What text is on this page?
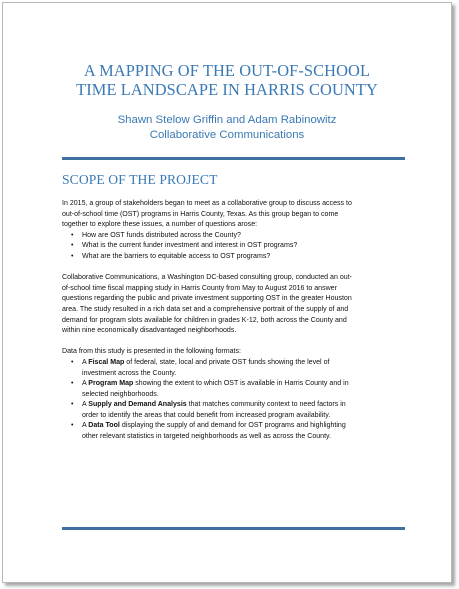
A MAPPING OF THE OUT-OF-SCHOOL
TIME LANDSCAPE IN HARRIS COUNTY
Shawn Stelow Griffin and Adam Rabinowitz
Collaborative Communications
SCOPE OF THE PROJECT

In 2015, a group of stakeholders began to meet as a collaborative group to discuss access to
out-of-school time (OST) programs in Harris County, Texas. As this group began to come
together to explore these issues, a number of questions arose:

• How are OST funds distributed across the County?
• What is the current funder investment and interest in OST programs?
• What are the barriers to equitable access to OST programs?

Collaborative Communications, a Washington DC-based consulting group, conducted an out-
of-school time fiscal mapping study in Harris County from May to August 2016 to answer
questions regarding the public and private investment supporting OST in the greater Houston
area. The study resulted in a rich data set and a comprehensive portrait of the supply of and
demand for program slots available for children in grades K-12, both across the County and
within nine economically disadvantaged neighborhoods.

Data from this study is presented in the following formats:

• A Fiscal Map of federal, state, local and private OST funds showing the level of
investment across the County.
• A Program Map showing the extent to which OST is available in Harris County and in
selected neighborhoods.
• A Supply and Demand Analysis that matches community context to need factors in
order to identify the areas that could benefit from increased program availability.
• A Data Tool displaying the supply of and demand for OST programs and highlighting
other relevant statistics in targeted neighborhoods as well as across the County.
